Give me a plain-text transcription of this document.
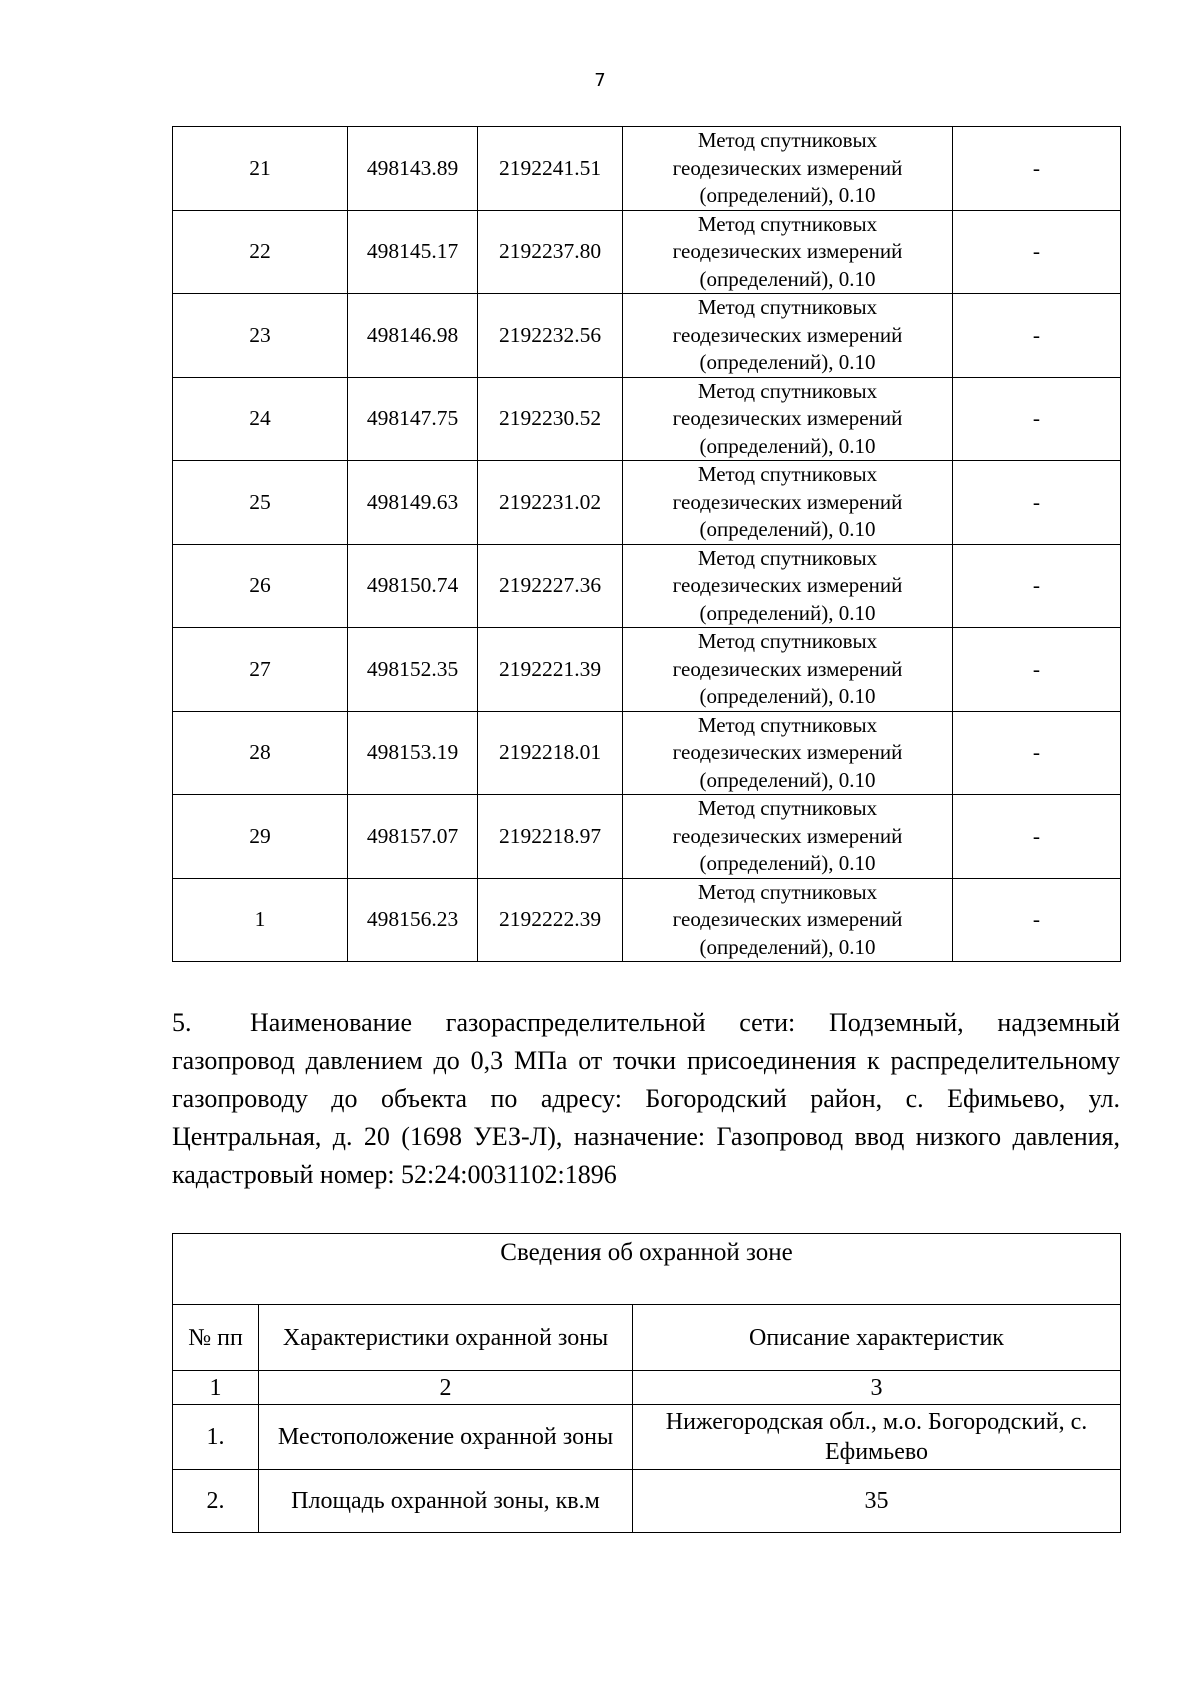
7
21	498143.89	2192241.51	Метод спутниковых
геодезических измерений
(определений), 0.10	-
22	498145.17	2192237.80	Метод спутниковых
геодезических измерений
(определений), 0.10	-
23	498146.98	2192232.56	Метод спутниковых
геодезических измерений
(определений), 0.10	-
24	498147.75	2192230.52	Метод спутниковых
геодезических измерений
(определений), 0.10	-
25	498149.63	2192231.02	Метод спутниковых
геодезических измерений
(определений), 0.10	-
26	498150.74	2192227.36	Метод спутниковых
геодезических измерений
(определений), 0.10	-
27	498152.35	2192221.39	Метод спутниковых
геодезических измерений
(определений), 0.10	-
28	498153.19	2192218.01	Метод спутниковых
геодезических измерений
(определений), 0.10	-
29	498157.07	2192218.97	Метод спутниковых
геодезических измерений
(определений), 0.10	-
1	498156.23	2192222.39	Метод спутниковых
геодезических измерений
(определений), 0.10	-

5. Наименование газораспределительной сети: Подземный, надземный газопровод давлением до 0,3 МПа от точки присоединения к распределительному газопроводу до объекта по адресу: Богородский район, с. Ефимьево, ул. Центральная, д. 20 (1698 УЕЗ-Л), назначение: Газопровод ввод низкого давления, кадастровый номер: 52:24:0031102:1896

Сведения об охранной зоне		
№ пп	Характеристики охранной зоны	Описание характеристик
1	2	3
1.	Местоположение охранной зоны	Нижегородская обл., м.о. Богородский, с. Ефимьево
2.	Площадь охранной зоны, кв.м	35
